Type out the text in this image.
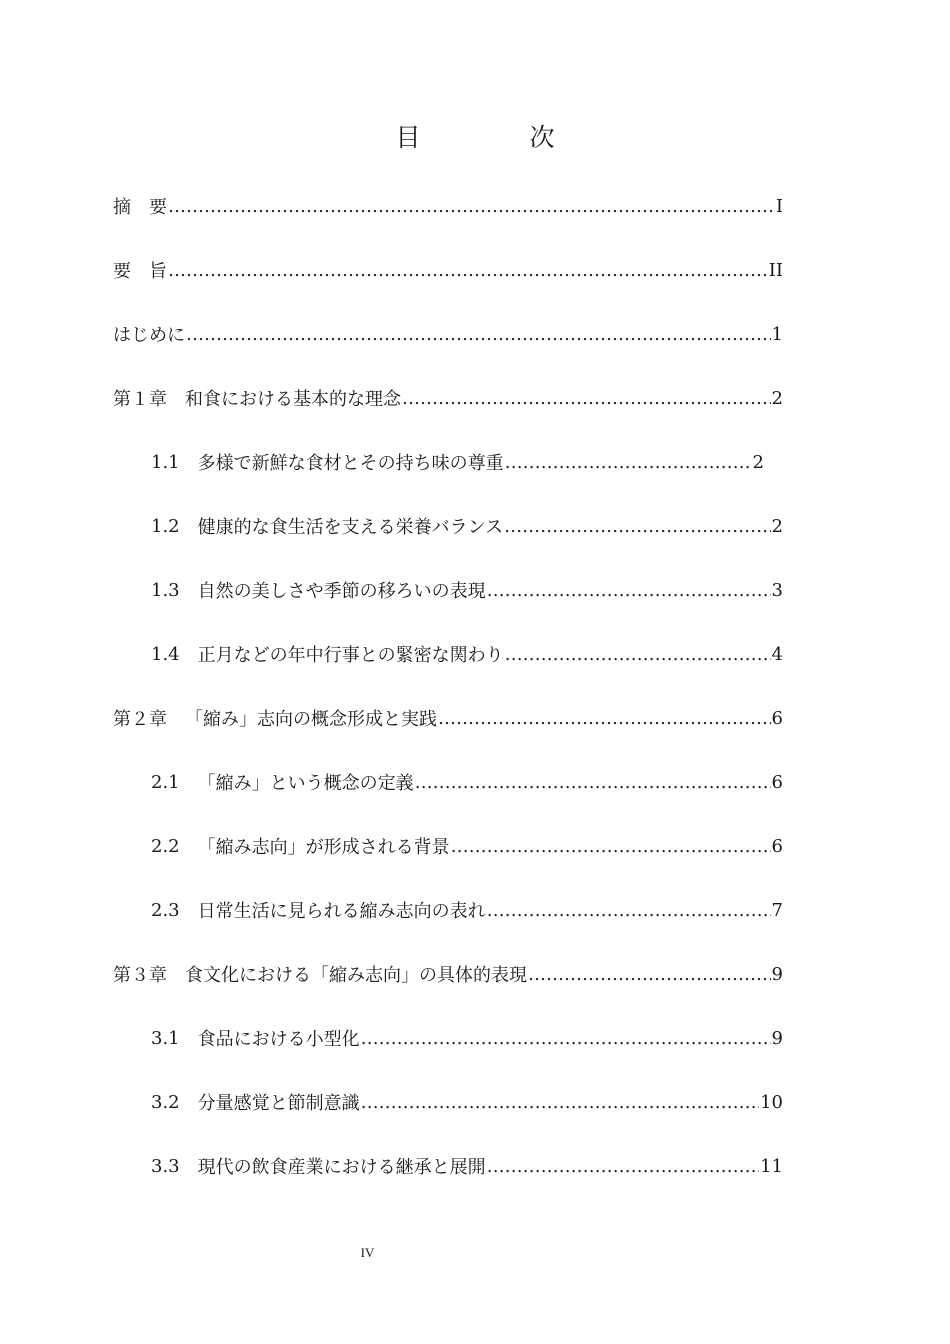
目　次
摘　要 ……………………………………………………………………………………………………………………………………………………………………………………………	I
要　旨 ……………………………………………………………………………………………………………………………………………………………………………………………	II
はじめに ……………………………………………………………………………………………………………………………………………………………………………………………	1
第１章 和食における基本的な理念 ……………………………………………………………………………………………………………………………………………………………………………………………	2
1.1 多様で新鮮な食材とその持ち味の尊重 ……………………………………………………………………………………………………………………………………………………………………………………………	2
1.2 健康的な食生活を支える栄養バランス ……………………………………………………………………………………………………………………………………………………………………………………………	2
1.3 自然の美しさや季節の移ろいの表現 ……………………………………………………………………………………………………………………………………………………………………………………………	3
1.4 正月などの年中行事との緊密な関わり ……………………………………………………………………………………………………………………………………………………………………………………………	4
第２章 「縮み」志向の概念形成と実践 ……………………………………………………………………………………………………………………………………………………………………………………………	6
2.1 「縮み」という概念の定義 ……………………………………………………………………………………………………………………………………………………………………………………………	6
2.2 「縮み志向」が形成される背景 ……………………………………………………………………………………………………………………………………………………………………………………………	6
2.3 日常生活に見られる縮み志向の表れ ……………………………………………………………………………………………………………………………………………………………………………………………	7
第３章 食文化における「縮み志向」の具体的表現 ……………………………………………………………………………………………………………………………………………………………………………………………	9
3.1 食品における小型化 ……………………………………………………………………………………………………………………………………………………………………………………………	9
3.2 分量感覚と節制意識 ……………………………………………………………………………………………………………………………………………………………………………………………	10
3.3 現代の飲食産業における継承と展開 ……………………………………………………………………………………………………………………………………………………………………………………………	11
IV
